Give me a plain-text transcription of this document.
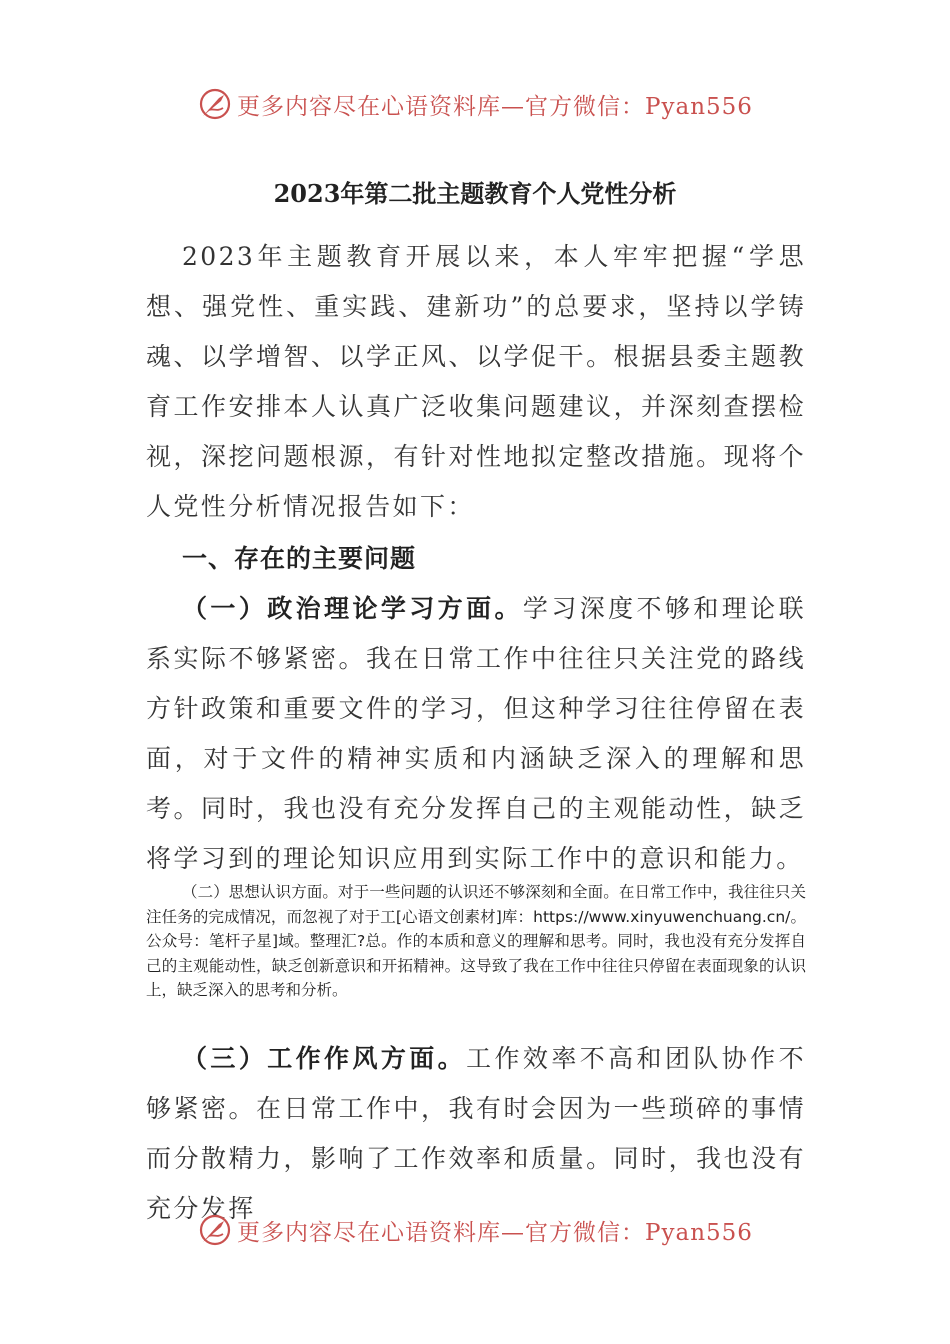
更多内容尽在心语资料库—官方微信：Pyan556
2023年第二批主题教育个人党性分析

2023年主题教育开展以来，本人牢牢把握“学思想、强党性、重实践、建新功”的总要求，坚持以学铸魂、以学增智、以学正风、以学促干。根据县委主题教育工作安排本人认真广泛收集问题建议，并深刻查摆检视，深挖问题根源，有针对性地拟定整改措施。现将个人党性分析情况报告如下：

一、存在的主要问题

（一）政治理论学习方面。学习深度不够和理论联系实际不够紧密。我在日常工作中往往只关注党的路线方针政策和重要文件的学习，但这种学习往往停留在表面，对于文件的精神实质和内涵缺乏深入的理解和思考。同时，我也没有充分发挥自己的主观能动性，缺乏将学习到的理论知识应用到实际工作中的意识和能力。

（二）思想认识方面。对于一些问题的认识还不够深刻和全面。在日常工作中，我往往只关注任务的完成情况，而忽视了对于工[心语文创素材]库：https://www.xinyuwenchuang.cn/。公众号：笔杆子星]域。整理汇?总。作的本质和意义的理解和思考。同时，我也没有充分发挥自己的主观能动性，缺乏创新意识和开拓精神。这导致了我在工作中往往只停留在表面现象的认识上，缺乏深入的思考和分析。

（三）工作作风方面。工作效率不高和团队协作不够紧密。在日常工作中，我有时会因为一些琐碎的事情而分散精力，影响了工作效率和质量。同时，我也没有充分发挥

更多内容尽在心语资料库—官方微信：Pyan556
